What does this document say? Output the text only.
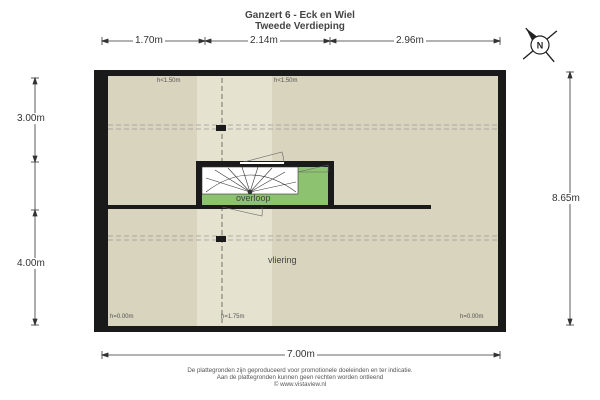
Ganzert 6 - Eck en Wiel
Tweede Verdieping
N
1.70m	2.14m	2.96m
3.00m
4.00m
8.65m
7.00m
h<1.50m	h<1.50m
h=0.00m	h=1.75m	h=0.00m
overloop
vliering
De plattegronden zijn geproduceerd voor promotionele doeleinden en ter indicatie.
Aan de plattegronden kunnen geen rechten worden ontleend
© www.vistaview.nl
